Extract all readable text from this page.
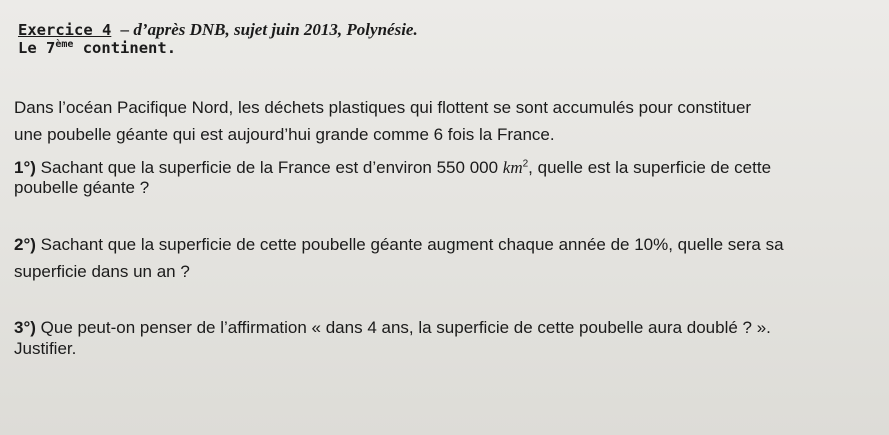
Exercice 4 – d’après DNB, sujet juin 2013, Polynésie.
Le 7ème continent.
Dans l’océan Pacifique Nord, les déchets plastiques qui flottent se sont accumulés pour constituer
une poubelle géante qui est aujourd’hui grande comme 6 fois la France.
1°) Sachant que la superficie de la France est d’environ 550 000 $km^2$, quelle est la superficie de cette
poubelle géante ?
2°) Sachant que la superficie de cette poubelle géante augment chaque année de 10%, quelle sera sa
superficie dans un an ?
3°) Que peut-on penser de l’affirmation « dans 4 ans, la superficie de cette poubelle aura doublé ? ».
Justifier.
